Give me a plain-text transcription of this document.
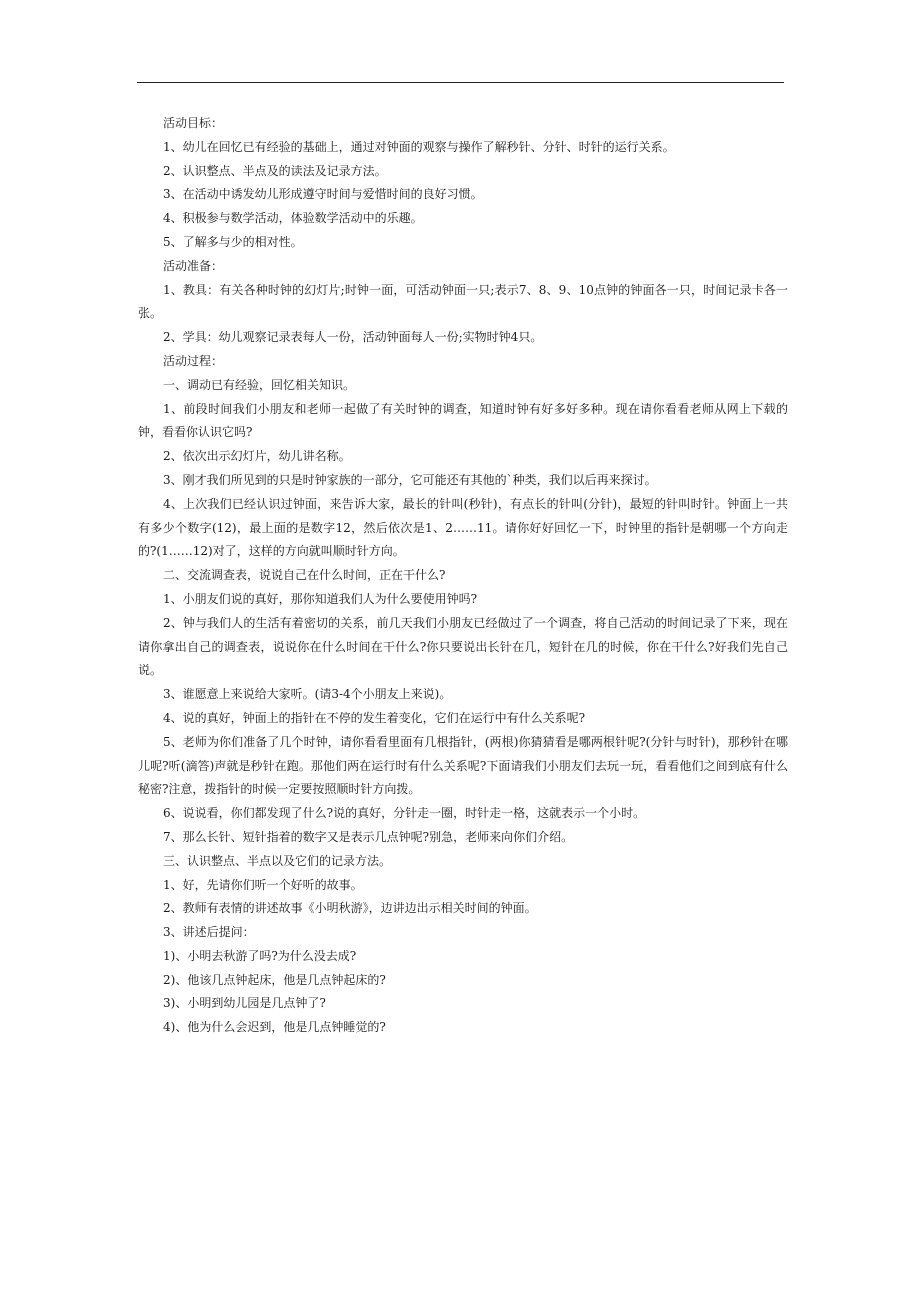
活动目标：

1、幼儿在回忆已有经验的基础上，通过对钟面的观察与操作了解秒针、分针、时针的运行关系。

2、认识整点、半点及的读法及记录方法。

3、在活动中诱发幼儿形成遵守时间与爱惜时间的良好习惯。

4、积极参与数学活动，体验数学活动中的乐趣。

5、了解多与少的相对性。

活动准备：

1、教具：有关各种时钟的幻灯片;时钟一面，可活动钟面一只;表示7、8、9、10点钟的钟面各一只，时间记录卡各一张。

2、学具：幼儿观察记录表每人一份，活动钟面每人一份;实物时钟4只。

活动过程：

一、调动已有经验，回忆相关知识。

1、前段时间我们小朋友和老师一起做了有关时钟的调查，知道时钟有好多好多种。现在请你看看老师从网上下载的钟，看看你认识它吗?

2、依次出示幻灯片，幼儿讲名称。

3、刚才我们所见到的只是时钟家族的一部分，它可能还有其他的`种类，我们以后再来探讨。

4、上次我们已经认识过钟面，来告诉大家，最长的针叫(秒针)，有点长的针叫(分针)，最短的针叫时针。钟面上一共有多少个数字(12)，最上面的是数字12，然后依次是1、2……11。请你好好回忆一下，时钟里的指针是朝哪一个方向走的?(1……12)对了，这样的方向就叫顺时针方向。

二、交流调查表，说说自己在什么时间，正在干什么?

1、小朋友们说的真好，那你知道我们人为什么要使用钟吗?

2、钟与我们人的生活有着密切的关系，前几天我们小朋友已经做过了一个调查，将自己活动的时间记录了下来，现在请你拿出自己的调查表，说说你在什么时间在干什么?你只要说出长针在几，短针在几的时候，你在干什么?好我们先自己说。

3、谁愿意上来说给大家听。(请3-4个小朋友上来说)。

4、说的真好，钟面上的指针在不停的发生着变化，它们在运行中有什么关系呢?

5、老师为你们准备了几个时钟，请你看看里面有几根指针，(两根)你猜猜看是哪两根针呢?(分针与时针)，那秒针在哪儿呢?听(滴答)声就是秒针在跑。那他们两在运行时有什么关系呢?下面请我们小朋友们去玩一玩，看看他们之间到底有什么秘密?注意，拨指针的时候一定要按照顺时针方向拨。

6、说说看，你们都发现了什么?说的真好，分针走一圈，时针走一格，这就表示一个小时。

7、那么长针、短针指着的数字又是表示几点钟呢?别急，老师来向你们介绍。

三、认识整点、半点以及它们的记录方法。

1、好，先请你们听一个好听的故事。

2、教师有表情的讲述故事《小明秋游》，边讲边出示相关时间的钟面。

3、讲述后提问：

1)、小明去秋游了吗?为什么没去成?

2)、他该几点钟起床，他是几点钟起床的?

3)、小明到幼儿园是几点钟了?

4)、他为什么会迟到，他是几点钟睡觉的?
